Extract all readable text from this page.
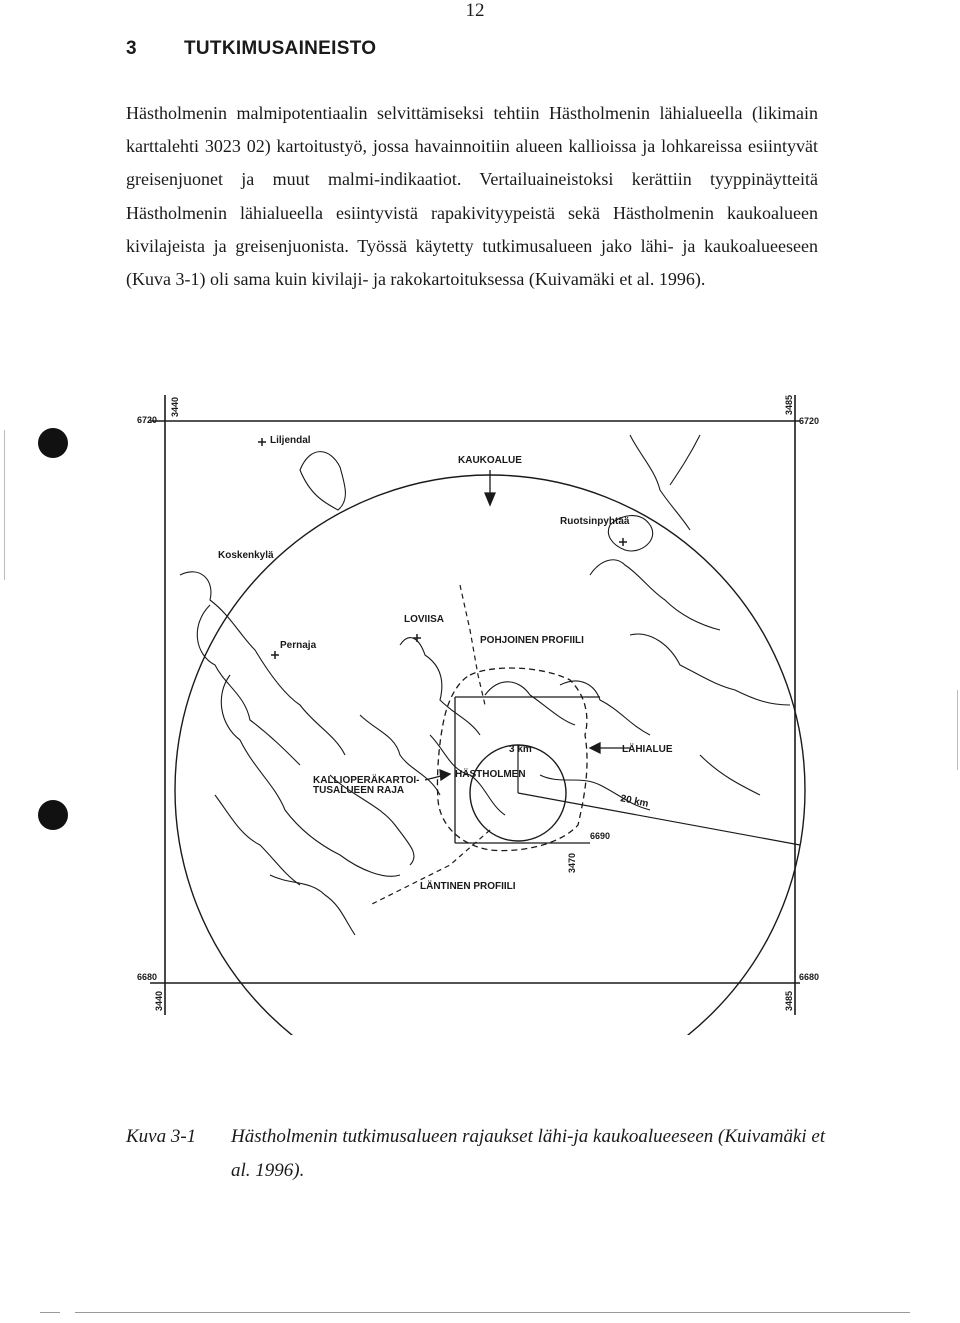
12
3 TUTKIMUSAINEISTO
Hästholmenin malmipotentiaalin selvittämiseksi tehtiin Hästholmenin lähialueella (likimain karttalehti 3023 02) kartoitustyö, jossa havainnoitiin alueen kallioissa ja lohkareissa esiintyvät greisenjuonet ja muut malmi-indikaatiot. Vertailuaineistoksi kerättiin tyyppinäytteitä Hästholmenin lähialueella esiintyvistä rapakivityypeistä sekä Hästholmenin kaukoalueen kivilajeista ja greisenjuonista. Työssä käytetty tutkimusalueen jako lähi- ja kaukoalueeseen (Kuva 3-1) oli sama kuin kivilaji- ja rakokartoituksessa (Kuivamäki et al. 1996).
3440
6720
3485
6720
6680
3440
6680
3485
6690
3470
Liljendal
KAUKOALUE
Ruotsinpyhtää
Koskenkylä
LOVIISA
POHJOINEN PROFIILI
Pernaja
3 km	LÄHIALUE
HÄSTHOLMEN
KALLIOPERÄKARTOI-
TUSALUEEN RAJA
20 km
LÄNTINEN PROFIILI
Kuva 3-1 Hästholmenin tutkimusalueen rajaukset lähi-ja kaukoalueeseen (Kuivamäki et al. 1996).
